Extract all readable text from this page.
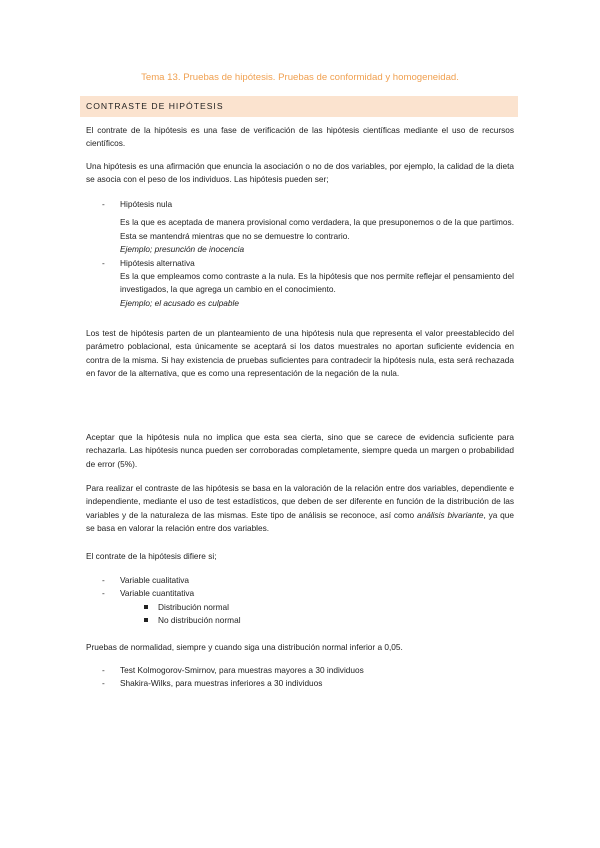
Tema 13. Pruebas de hipótesis. Pruebas de conformidad y homogeneidad.
CONTRASTE DE HIPÓTESIS

El contrate de la hipótesis es una fase de verificación de las hipótesis científicas mediante el uso de recursos científicos.

Una hipótesis es una afirmación que enuncia la asociación o no de dos variables, por ejemplo, la calidad de la dieta se asocia con el peso de los individuos. Las hipótesis pueden ser;

- Hipótesis nula
Es la que es aceptada de manera provisional como verdadera, la que presuponemos o de la que partimos. Esta se mantendrá mientras que no se demuestre lo contrario.
Ejemplo; presunción de inocencia
- Hipótesis alternativa
Es la que empleamos como contraste a la nula. Es la hipótesis que nos permite reflejar el pensamiento del investigados, la que agrega un cambio en el conocimiento.
Ejemplo; el acusado es culpable

Los test de hipótesis parten de un planteamiento de una hipótesis nula que representa el valor preestablecido del parámetro poblacional, esta únicamente se aceptará si los datos muestrales no aportan suficiente evidencia en contra de la misma. Si hay existencia de pruebas suficientes para contradecir la hipótesis nula, esta será rechazada en favor de la alternativa, que es como una representación de la negación de la nula.

Aceptar que la hipótesis nula no implica que esta sea cierta, sino que se carece de evidencia suficiente para rechazarla. Las hipótesis nunca pueden ser corroboradas completamente, siempre queda un margen o probabilidad de error (5%).

Para realizar el contraste de las hipótesis se basa en la valoración de la relación entre dos variables, dependiente e independiente, mediante el uso de test estadísticos, que deben de ser diferente en función de la distribución de las variables y de la naturaleza de las mismas. Este tipo de análisis se reconoce, así como análisis bivariante, ya que se basa en valorar la relación entre dos variables.

El contrate de la hipótesis difiere si;

- Variable cualitativa
- Variable cuantitativa
Distribución normal
No distribución normal

Pruebas de normalidad, siempre y cuando siga una distribución normal inferior a 0,05.

- Test Kolmogorov-Smirnov, para muestras mayores a 30 individuos
- Shakira-Wilks, para muestras inferiores a 30 individuos
